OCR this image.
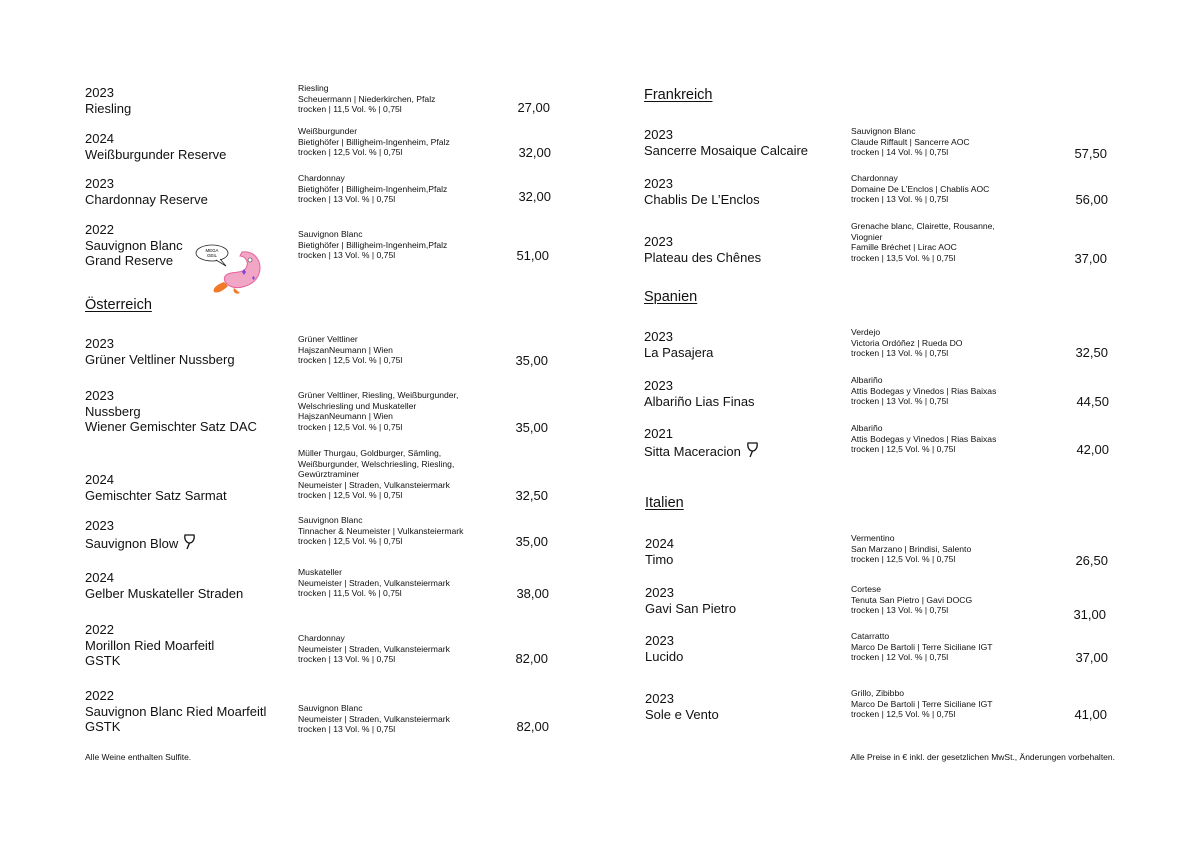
Österreich
Frankreich
Spanien
Italien
MEGA
GEIL
2023
Riesling
Riesling
Scheuermann | Niederkirchen, Pfalz
trocken | 11,5 Vol. % | 0,75l	27,00
2024
Weißburgunder Reserve
Weißburgunder
Bietighöfer | Billigheim-Ingenheim, Pfalz
trocken | 12,5 Vol. % | 0,75l	32,00
2023
Chardonnay Reserve
Chardonnay
Bietighöfer | Billigheim-Ingenheim,Pfalz
trocken | 13 Vol. % | 0,75l	32,00
2022
Sauvignon Blanc
Grand Reserve
Sauvignon Blanc
Bietighöfer | Billigheim-Ingenheim,Pfalz
trocken | 13 Vol. % | 0,75l	51,00
2023
Grüner Veltliner Nussberg
Grüner Veltliner
HajszanNeumann | Wien
trocken | 12,5 Vol. % | 0,75l	35,00
2023
Nussberg
Wiener Gemischter Satz DAC
Grüner Veltliner, Riesling, Weißburgunder,
Welschriesling und Muskateller
HajszanNeumann | Wien
trocken | 12,5 Vol. % | 0,75l	35,00
2024
Gemischter Satz Sarmat
Müller Thurgau, Goldburger, Sämling,
Weißburgunder, Welschriesling, Riesling,
Gewürztraminer
Neumeister | Straden, Vulkansteiermark
trocken | 12,5 Vol. % | 0,75l	32,50
2023
Sauvignon Blow
Sauvignon Blanc
Tinnacher & Neumeister | Vulkansteiermark
trocken | 12,5 Vol. % | 0,75l	35,00
2024
Gelber Muskateller Straden
Muskateller
Neumeister | Straden, Vulkansteiermark
trocken | 11,5 Vol. % | 0,75l	38,00
2022
Morillon Ried Moarfeitl
GSTK
Chardonnay
Neumeister | Straden, Vulkansteiermark
trocken | 13 Vol. % | 0,75l	82,00
2022
Sauvignon Blanc Ried Moarfeitl
GSTK
Sauvignon Blanc
Neumeister | Straden, Vulkansteiermark
trocken | 13 Vol. % | 0,75l	82,00
2023
Sancerre Mosaique Calcaire
Sauvignon Blanc
Claude Riffault | Sancerre AOC
trocken | 14 Vol. % | 0,75l	57,50
2023
Chablis De L’Enclos
Chardonnay
Domaine De L’Enclos | Chablis AOC
trocken | 13 Vol. % | 0,75l	56,00
2023
Plateau des Chênes
Grenache blanc, Clairette, Rousanne,
Viognier
Famille Bréchet | Lirac AOC
trocken | 13,5 Vol. % | 0,75l	37,00
2023
La Pasajera
Verdejo
Victoria Ordóñez | Rueda DO
trocken | 13 Vol. % | 0,75l	32,50
2023
Albariño Lias Finas
Albariño
Attis Bodegas y Vinedos | Rias Baixas
trocken | 13 Vol. % | 0,75l	44,50
2021
Sitta Maceracion
Albariño
Attis Bodegas y Vinedos | Rias Baixas
trocken | 12,5 Vol. % | 0,75l	42,00
2024
Timo
Vermentino
San Marzano | Brindisi, Salento
trocken | 12,5 Vol. % | 0,75l	26,50
2023
Gavi San Pietro
Cortese
Tenuta San Pietro | Gavi DOCG
trocken | 13 Vol. % | 0,75l	31,00
2023
Lucido
Catarratto
Marco De Bartoli | Terre Siciliane IGT
trocken | 12 Vol. % | 0,75l	37,00
2023
Sole e Vento
Grillo, Zibibbo
Marco De Bartoli | Terre Siciliane IGT
trocken | 12,5 Vol. % | 0,75l	41,00
Alle Weine enthalten Sulfite.	Alle Preise in € inkl. der gesetzlichen MwSt., Änderungen vorbehalten.
